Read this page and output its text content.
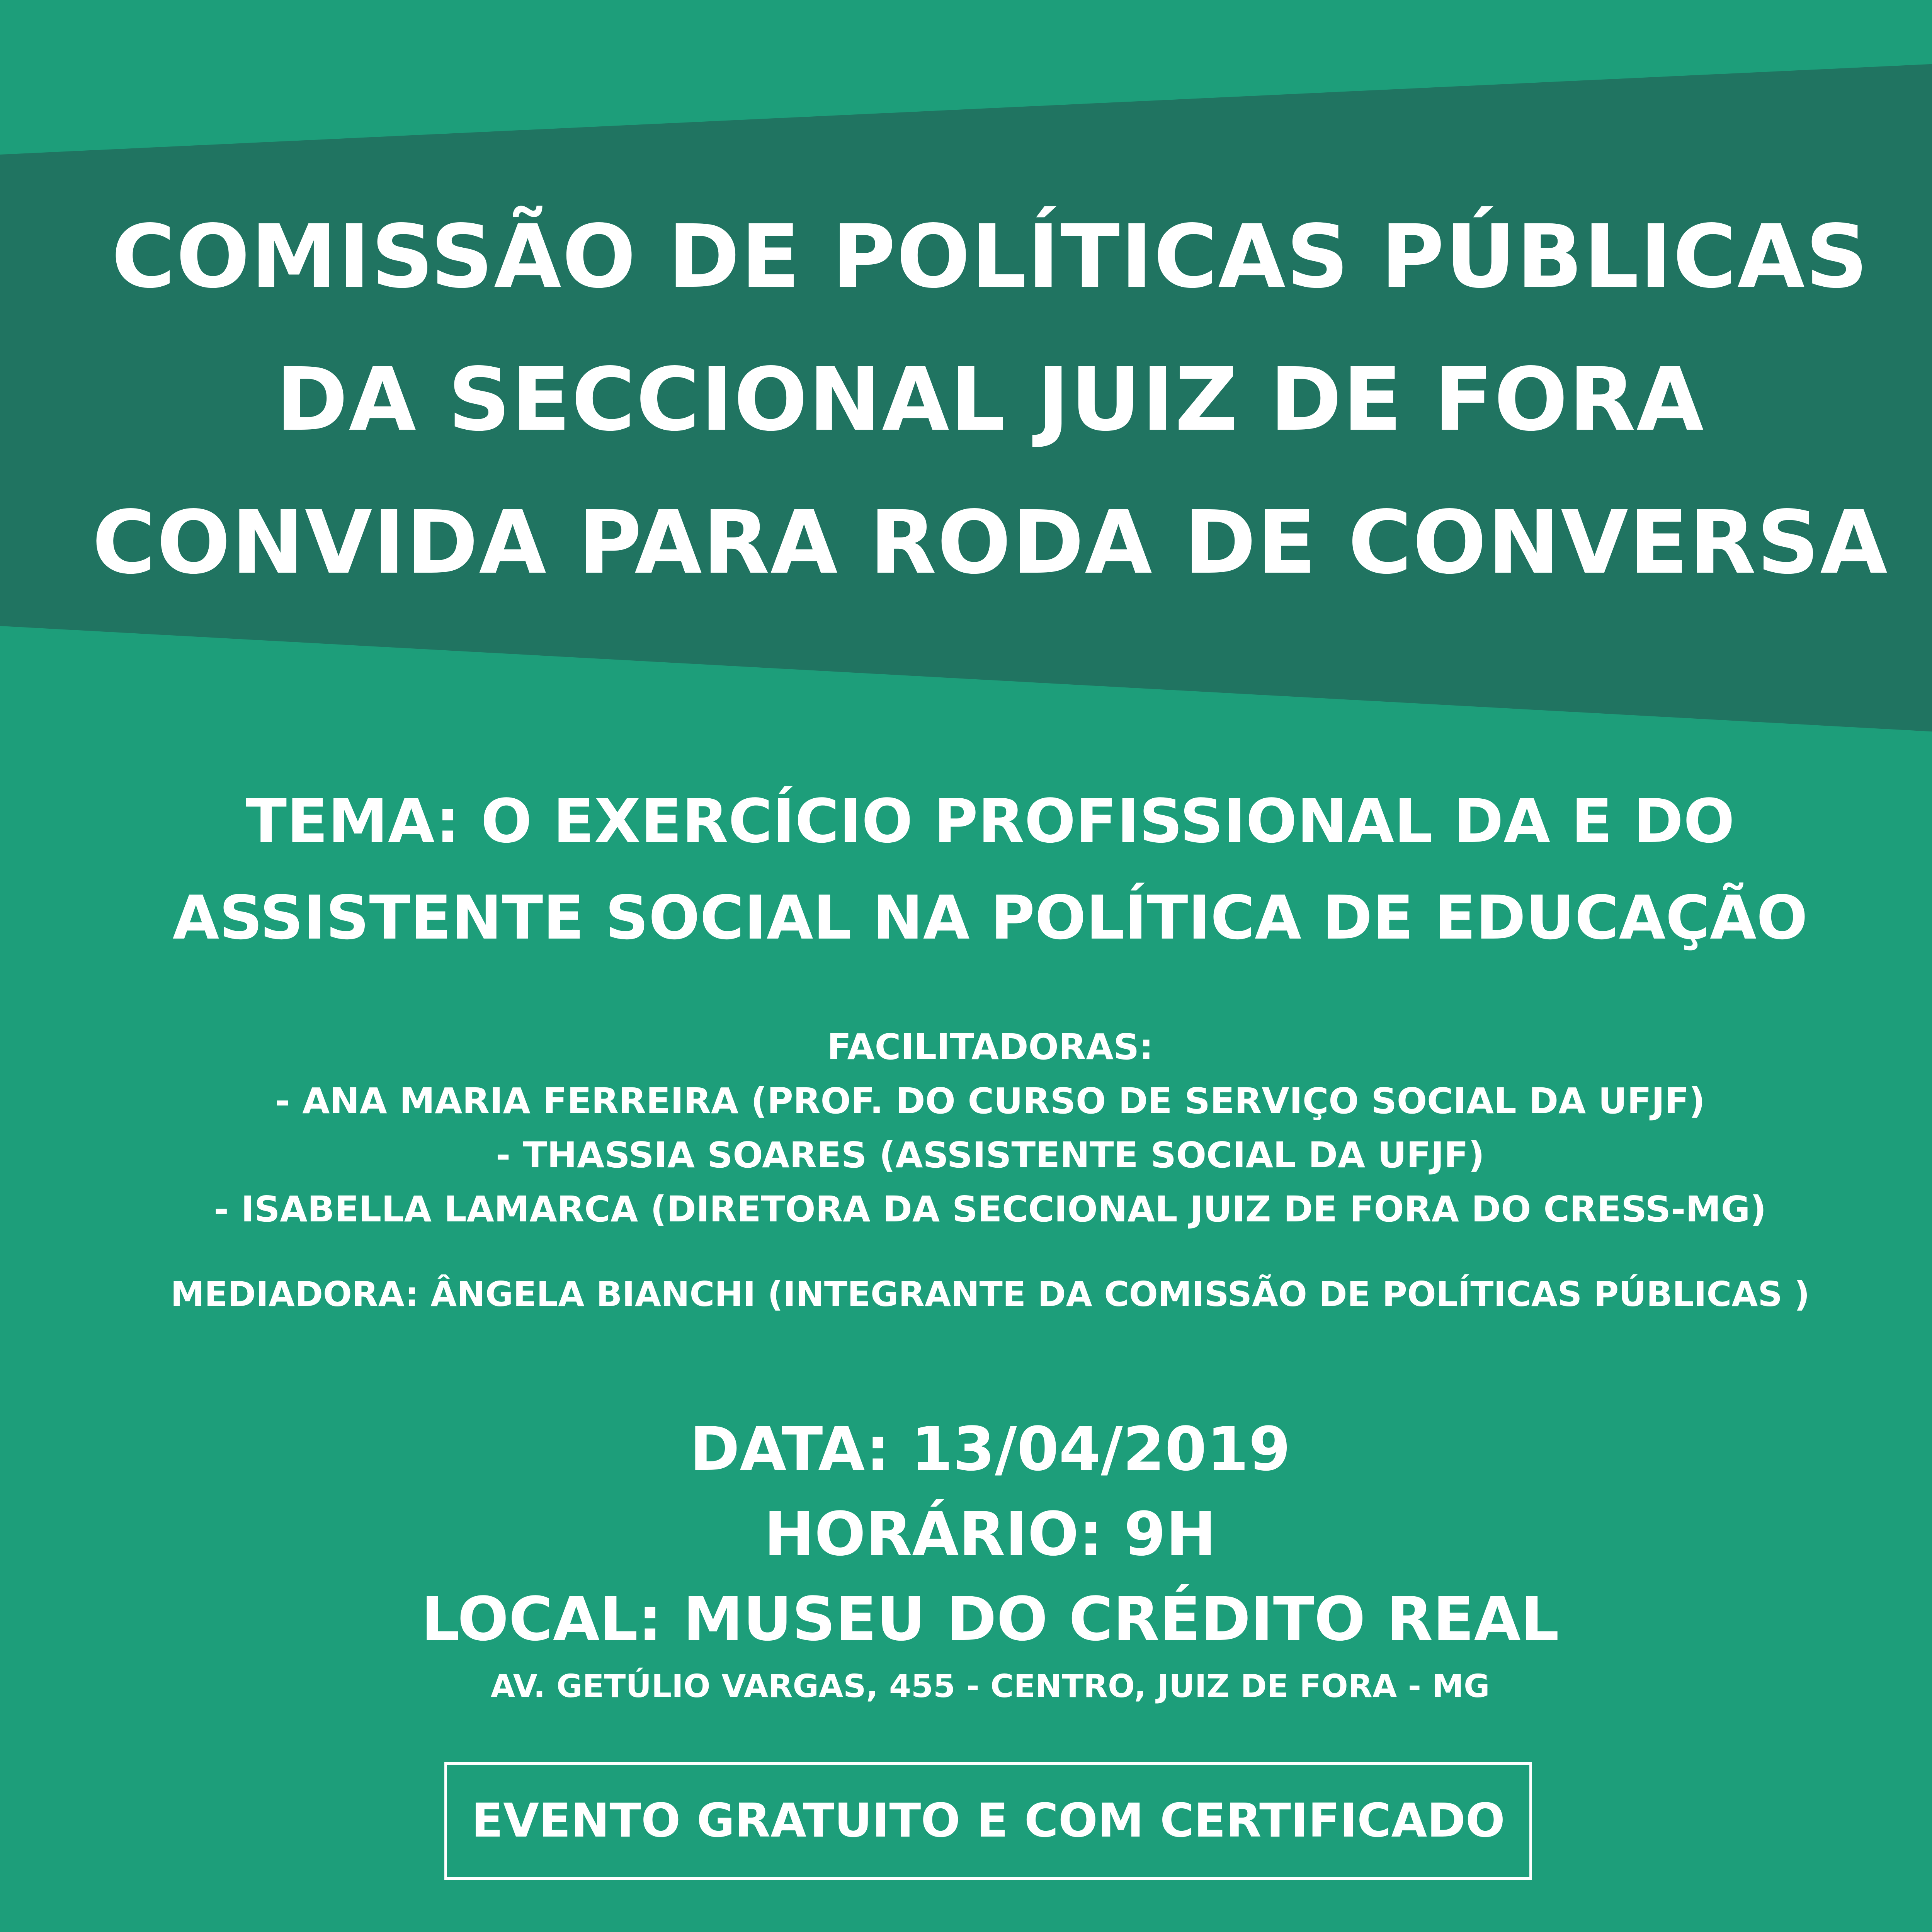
COMISSÃO DE POLÍTICAS PÚBLICAS
DA SECCIONAL JUIZ DE FORA
CONVIDA PARA RODA DE CONVERSA
TEMA: O EXERCÍCIO PROFISSIONAL DA E DO
ASSISTENTE SOCIAL NA POLÍTICA DE EDUCAÇÃO
FACILITADORAS:
- ANA MARIA FERREIRA (PROF. DO CURSO DE SERVIÇO SOCIAL DA UFJF)
- THASSIA SOARES (ASSISTENTE SOCIAL DA UFJF)
- ISABELLA LAMARCA (DIRETORA DA SECCIONAL JUIZ DE FORA DO CRESS-MG)
MEDIADORA: ÂNGELA BIANCHI (INTEGRANTE DA COMISSÃO DE POLÍTICAS PÚBLICAS )
DATA: 13/04/2019
HORÁRIO: 9H
LOCAL: MUSEU DO CRÉDITO REAL
AV. GETÚLIO VARGAS, 455 - CENTRO, JUIZ DE FORA - MG
EVENTO GRATUITO E COM CERTIFICADO
